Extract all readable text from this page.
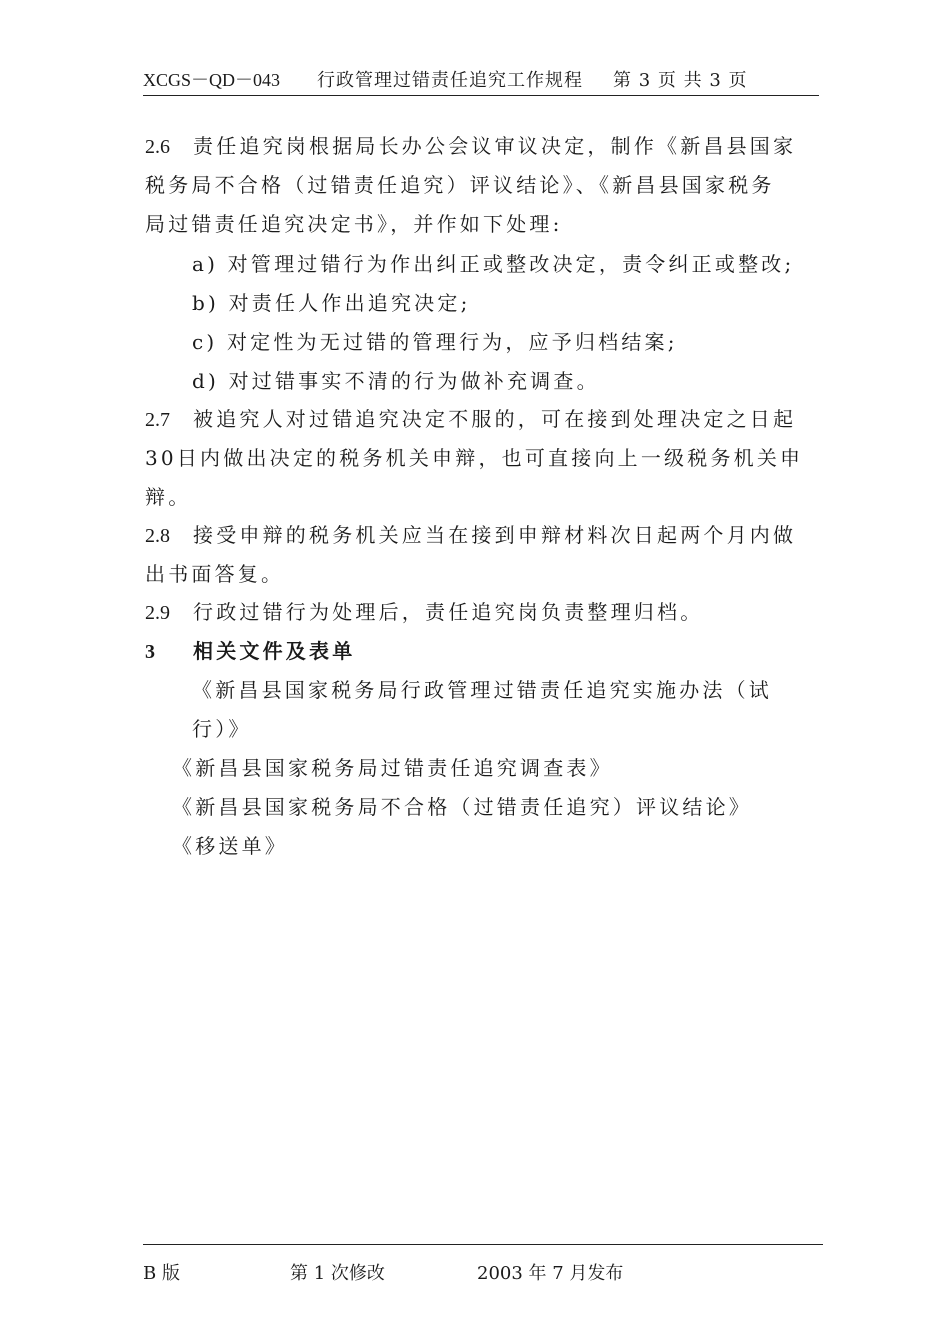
XCGS－QD－043 行政管理过错责任追究工作规程 第 3 页 共 3 页
2.6 责任追究岗根据局长办公会议审议决定，制作《新昌县国家
税务局不合格（过错责任追究）评议结论》、《新昌县国家税务
局过错责任追究决定书》，并作如下处理:
a) 对管理过错行为作出纠正或整改决定，责令纠正或整改;
b) 对责任人作出追究决定;
c) 对定性为无过错的管理行为，应予归档结案;
d) 对过错事实不清的行为做补充调查。
2.7 被追究人对过错追究决定不服的，可在接到处理决定之日起
30日内做出决定的税务机关申辩，也可直接向上一级税务机关申
辩。
2.8 接受申辩的税务机关应当在接到申辩材料次日起两个月内做
出书面答复。
2.9 行政过错行为处理后，责任追究岗负责整理归档。
3 相关文件及表单
《新昌县国家税务局行政管理过错责任追究实施办法（试
行）》
《新昌县国家税务局过错责任追究调查表》
《新昌县国家税务局不合格（过错责任追究）评议结论》
《移送单》
B 版	第 1 次修改	2003 年 7 月发布
